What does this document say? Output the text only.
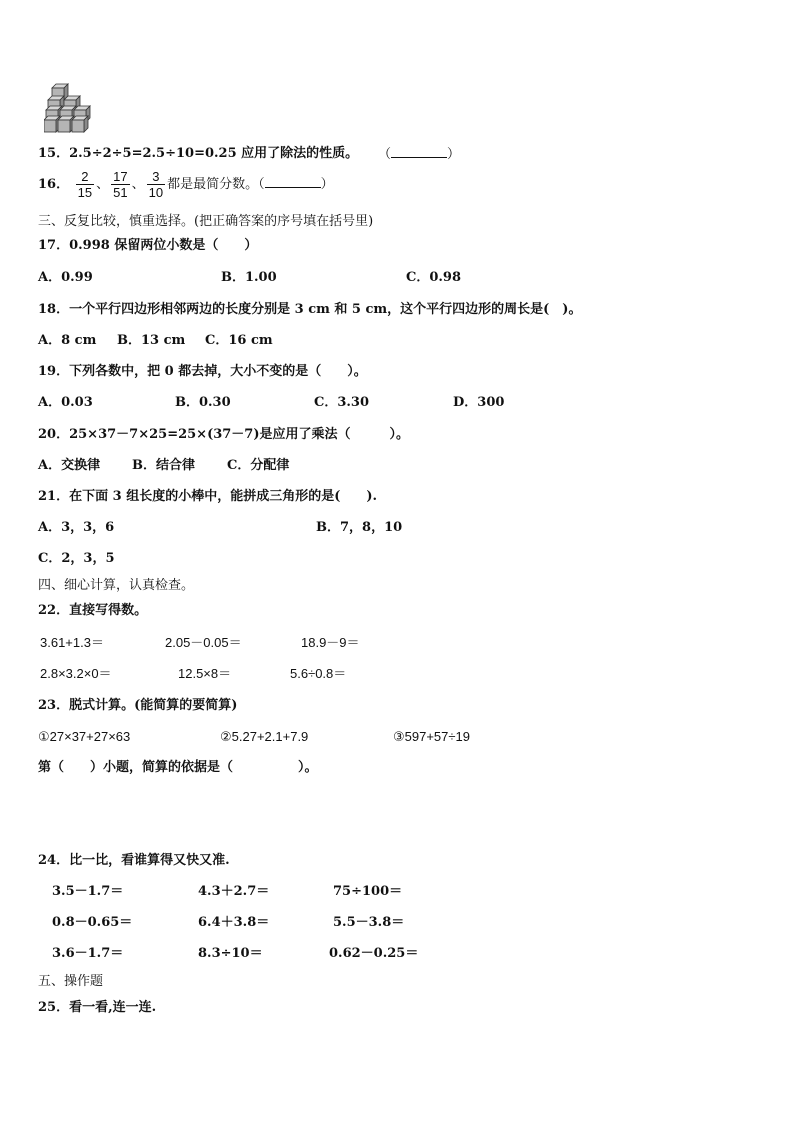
15．2.5÷2÷5=2.5÷10=0.25 应用了除法的性质。 （	）
16． $\frac{2}{15}$ 、 $\frac{17}{51}$ 、 $\frac{3}{10}$ 都是最简分数。（	）
三、反复比较，慎重选择。(把正确答案的序号填在括号里)
17．0.998 保留两位小数是（　　）
A．0.99	B．1.00	C．0.98
18．一个平行四边形相邻两边的长度分别是 3 cm 和 5 cm，这个平行四边形的周长是(　)。
A．8 cm B．13 cm C．16 cm
19．下列各数中，把 0 都去掉，大小不变的是（　　）。
A．0.03	B．0.30	C．3.30	D．300
20．25×37－7×25=25×(37－7)是应用了乘法（　　　）。
A．交换律 B．结合律 C．分配律
21．在下面 3 组长度的小棒中，能拼成三角形的是(　　).
A．3，3，6	B．7，8，10
C．2，3，5
四、细心计算，认真检查。
22．直接写得数。
3.61+1.3＝	2.05－0.05＝	18.9－9＝
2.8×3.2×0＝	12.5×8＝	5.6÷0.8＝
23．脱式计算。(能简算的要简算)
①27×37+27×63	②5.27+2.1+7.9	③597+57÷19
第（　　）小题，简算的依据是（　　　　　）。
24．比一比，看谁算得又快又准.
3.5－1.7＝	4.3＋2.7＝	75÷100＝
0.8－0.65＝	6.4＋3.8＝	5.5－3.8＝
3.6－1.7＝	8.3÷10＝	0.62－0.25＝
五、操作题
25．看一看,连一连.
